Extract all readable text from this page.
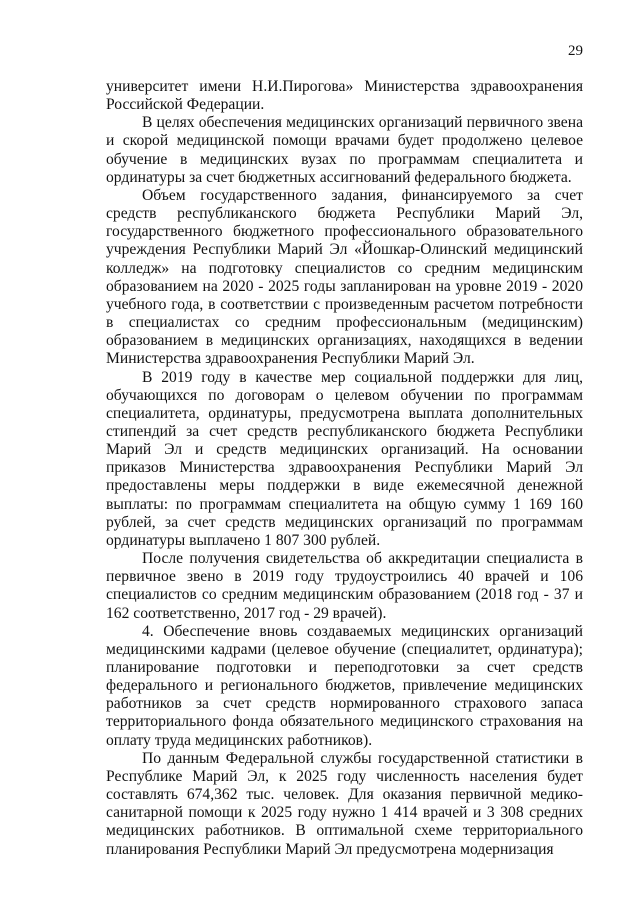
29

университет имени Н.И.Пирогова» Министерства здравоохранения Российской Федерации.

В целях обеспечения медицинских организаций первичного звена и скорой медицинской помощи врачами будет продолжено целевое обучение в медицинских вузах по программам специалитета и ординатуры за счет бюджетных ассигнований федерального бюджета.

Объем государственного задания, финансируемого за счет средств республиканского бюджета Республики Марий Эл, государственного бюджетного профессионального образовательного учреждения Республики Марий Эл «Йошкар-Олинский медицинский колледж» на подготовку специалистов со средним медицинским образованием на 2020 - 2025 годы запланирован на уровне 2019 - 2020 учебного года, в соответствии с произведенным расчетом потребности в специалистах со средним профессиональным (медицинским) образованием в медицинских организациях, находящихся в ведении Министерства здравоохранения Республики Марий Эл.

В 2019 году в качестве мер социальной поддержки для лиц, обучающихся по договорам о целевом обучении по программам специалитета, ординатуры, предусмотрена выплата дополнительных стипендий за счет средств республиканского бюджета Республики Марий Эл и средств медицинских организаций. На основании приказов Министерства здравоохранения Республики Марий Эл предоставлены меры поддержки в виде ежемесячной денежной выплаты: по программам специалитета на общую сумму 1 169 160 рублей, за счет средств медицинских организаций по программам ординатуры выплачено 1 807 300 рублей.

После получения свидетельства об аккредитации специалиста в первичное звено в 2019 году трудоустроились 40 врачей и 106 специалистов со средним медицинским образованием (2018 год - 37 и 162 соответственно, 2017 год - 29 врачей).

4. Обеспечение вновь создаваемых медицинских организаций медицинскими кадрами (целевое обучение (специалитет, ординатура); планирование подготовки и переподготовки за счет средств федерального и регионального бюджетов, привлечение медицинских работников за счет средств нормированного страхового запаса территориального фонда обязательного медицинского страхования на оплату труда медицинских работников).

По данным Федеральной службы государственной статистики в Республике Марий Эл, к 2025 году численность населения будет составлять 674,362 тыс. человек. Для оказания первичной медико-санитарной помощи к 2025 году нужно 1 414 врачей и 3 308 средних медицинских работников. В оптимальной схеме территориального планирования Республики Марий Эл предусмотрена модернизация
